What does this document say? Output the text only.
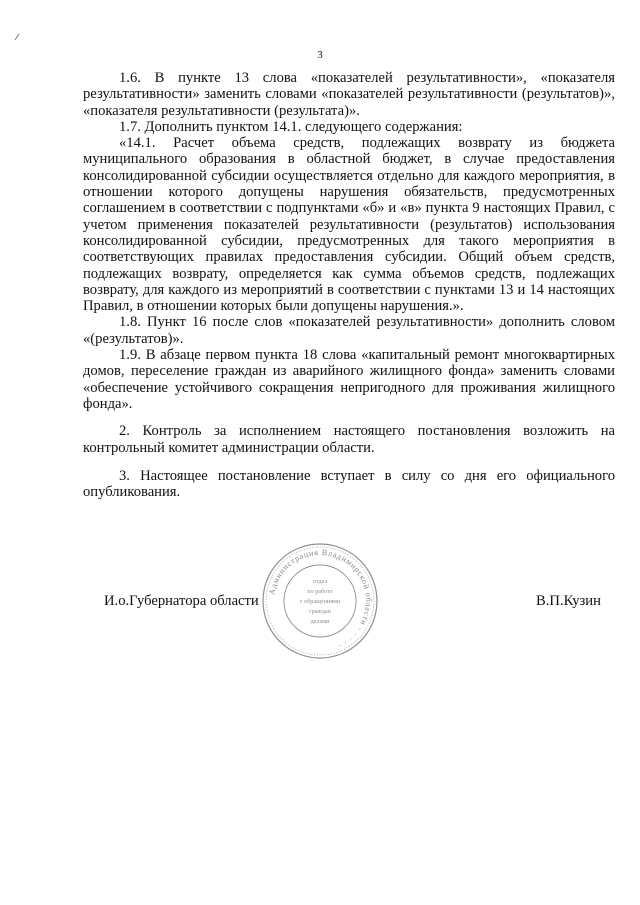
3

1.6. В пункте 13 слова «показателей результативности», «показателя результативности» заменить словами «показателей результативности (результатов)», «показателя результативности (результата)».

1.7. Дополнить пунктом 14.1. следующего содержания:

«14.1. Расчет объема средств, подлежащих возврату из бюджета муниципального образования в областной бюджет, в случае предоставления консолидированной субсидии осуществляется отдельно для каждого мероприятия, в отношении которого допущены нарушения обязательств, предусмотренных соглашением в соответствии с подпунктами «б» и «в» пункта 9 настоящих Правил, с учетом применения показателей результативности (результатов) использования консолидированной субсидии, предусмотренных для такого мероприятия в соответствующих правилах предоставления субсидии. Общий объем средств, подлежащих возврату, определяется как сумма объемов средств, подлежащих возврату, для каждого из мероприятий в соответствии с пунктами 13 и 14 настоящих Правил, в отношении которых были допущены нарушения.».

1.8. Пункт 16 после слов «показателей результативности» дополнить словом «(результатов)».

1.9. В абзаце первом пункта 18 слова «капитальный ремонт многоквартирных домов, переселение граждан из аварийного жилищного фонда» заменить словами «обеспечение устойчивого сокращения непригодного для проживания жилищного фонда».

2. Контроль за исполнением настоящего постановления возложить на контрольный комитет администрации области.

3. Настоящее постановление вступает в силу со дня его официального опубликования.

И.о.Губернатора области	В.П.Кузин
Администрация Владимирской области · · · · ·
отдел
по работе
с обращениями
граждан
делами
